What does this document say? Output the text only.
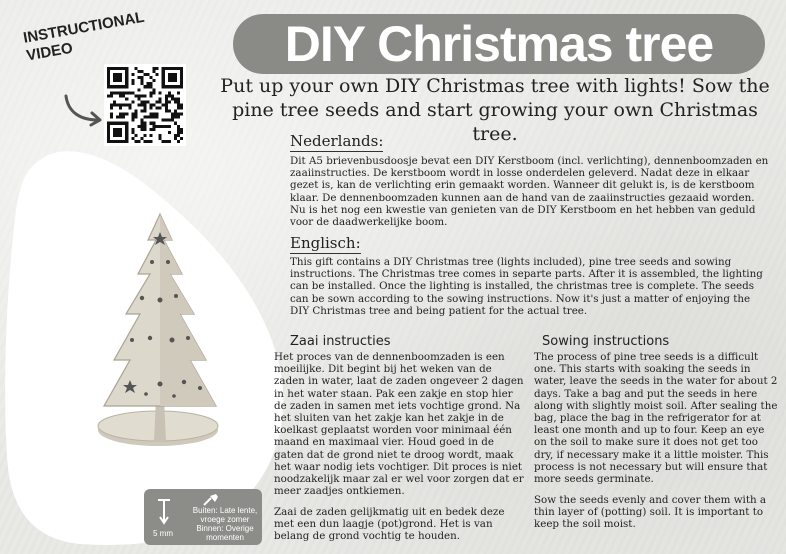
DIY Christmas tree
Put up your own DIY Christmas tree with lights! Sow the pine tree seeds and start growing your own Christmas tree.
INSTRUCTIONAL
VIDEO
Nederlands:

Dit A5 brievenbusdoosje bevat een DIY Kerstboom (incl. verlichting), dennenboomzaden en zaaiinstructies. De kerstboom wordt in losse onderdelen geleverd. Nadat deze in elkaar gezet is, kan de verlichting erin gemaakt worden. Wanneer dit gelukt is, is de kerstboom klaar. De dennenboomzaden kunnen aan de hand van de zaaiinstructies gezaaid worden. Nu is het nog een kwestie van genieten van de DIY Kerstboom en het hebben van geduld voor de daadwerkelijke boom.

Englisch:

This gift contains a DIY Christmas tree (lights included), pine tree seeds and sowing instructions. The Christmas tree comes in separte parts. After it is assembled, the lighting can be installed. Once the lighting is installed, the christmas tree is complete. The seeds can be sown according to the sowing instructions. Now it's just a matter of enjoying the DIY Christmas tree and being patient for the actual tree.

Zaai instructies

Het proces van de dennenboomzaden is een moeilijke. Dit begint bij het weken van de zaden in water, laat de zaden ongeveer 2 dagen in het water staan. Pak een zakje en stop hier de zaden in samen met iets vochtige grond. Na het sluiten van het zakje kan het zakje in de koelkast geplaatst worden voor minimaal één maand en maximaal vier. Houd goed in de gaten dat de grond niet te droog wordt, maak het waar nodig iets vochtiger. Dit proces is niet noodzakelijk maar zal er wel voor zorgen dat er meer zaadjes ontkiemen.

Zaai de zaden gelijkmatig uit en bedek deze met een dun laagje (pot)grond. Het is van belang de grond vochtig te houden.

Sowing instructions

The process of pine tree seeds is a difficult one. This starts with soaking the seeds in water, leave the seeds in the water for about 2 days. Take a bag and put the seeds in here along with slightly moist soil. After sealing the bag, place the bag in the refrigerator for at least one month and up to four. Keep an eye on the soil to make sure it does not get too dry, if necessary make it a little moister. This process is not necessary but will ensure that more seeds germinate.

Sow the seeds evenly and cover them with a thin layer of (potting) soil. It is important to keep the soil moist.

5 mm
Buiten: Late lente, vroege zomer Binnen: Overige momenten
